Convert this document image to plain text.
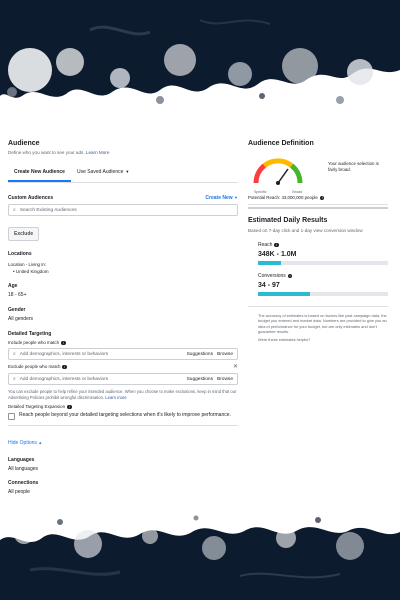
Audience
Define who you want to see your ads. Learn More
Create New Audience	Use Saved Audience ▼
Custom Audiences	Create New ▼
⌕ Search Existing Audiences
Exclude
Locations
Location - Living In:
• United Kingdom
Age
18 - 65+
Gender
All genders
Detailed Targeting
Include people who match i
⌕ Add demographics, interests or behaviors	Suggestions Browse
Exclude people who match i	✕
⌕ Add demographics, interests or behaviors	Suggestions Browse
You can exclude people to help refine your intended audience. When you choose to make exclusions, keep in mind that our Advertising Policies prohibit wrongful discrimination. Learn more
Detailed Targeting Expansion i
Reach people beyond your detailed targeting selections when it's likely to improve performance.
Hide Options ▲
Languages
All languages
Connections
All people
Audience Definition
Specific	Broad
Your audience selection is fairly broad.
Potential Reach: 43,000,000 people i
Estimated Daily Results
Based on 7-day click and 1-day view conversion window
Reach i
348K - 1.0M
Conversions i
34 - 97
The accuracy of estimates is based on factors like past campaign data, the budget you entered and market data. Numbers are provided to give you an idea of performance for your budget, but are only estimates and don't guarantee results.
Were these estimates helpful?
